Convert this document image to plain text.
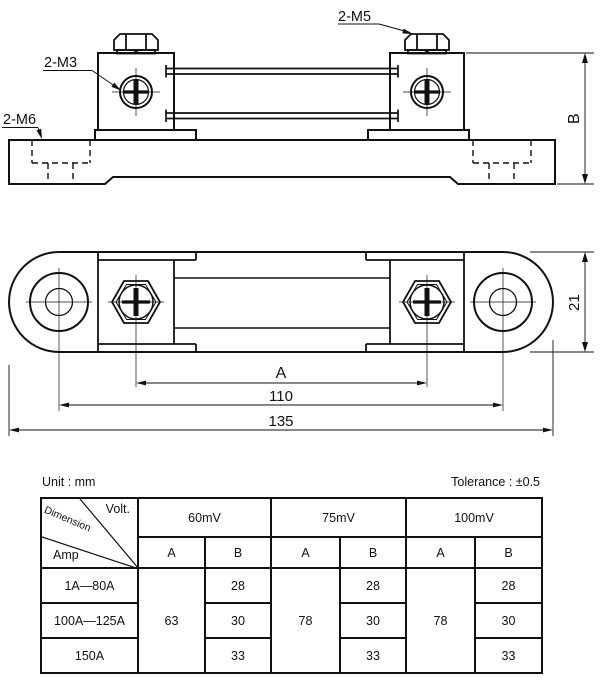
B
2-M5
2-M3
2-M6
A
110
135
21
Unit : mm	Tolerance : ±0.5
Volt.
Dimension
Amp	60mV		75mV		100mV	
	A	B	A	B	A	B
1A—80A	63	28	78	28	78	28
100A—125A		30		30		30
150A		33		33		33
